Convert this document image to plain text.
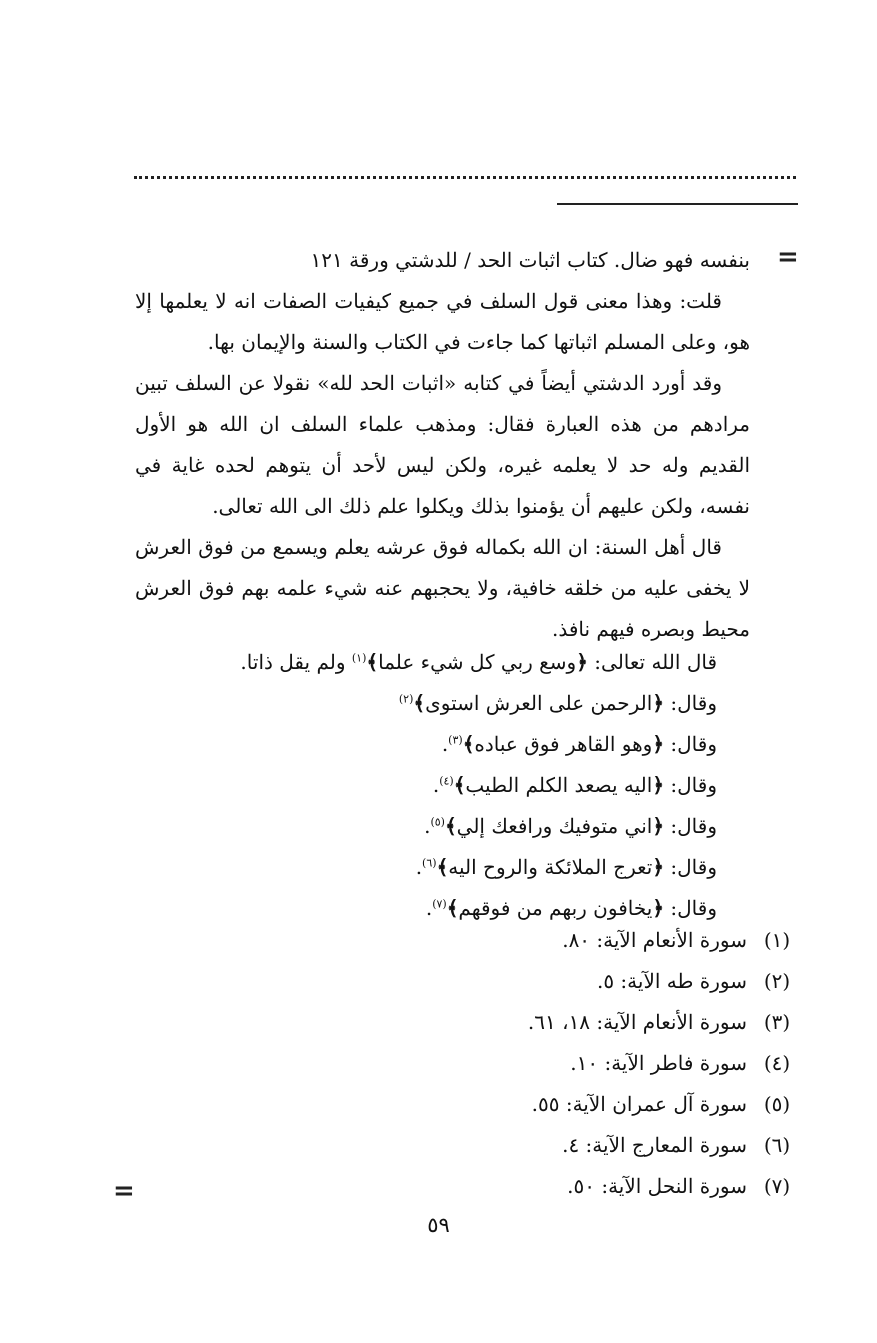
=

بنفسه فهو ضال. كتاب اثبات الحد / للدشتي ورقة ١٢١

قلت: وهذا معنى قول السلف في جميع كيفيات الصفات انه لا يعلمها إلا هو، وعلى المسلم اثباتها كما جاءت في الكتاب والسنة والإيمان بها.

وقد أورد الدشتي أيضاً في كتابه «اثبات الحد لله» نقولا عن السلف تبين مرادهم من هذه العبارة فقال: ومذهب علماء السلف ان الله هو الأول القديم وله حد لا يعلمه غيره، ولكن ليس لأحد أن يتوهم لحده غاية في نفسه، ولكن عليهم أن يؤمنوا بذلك ويكلوا علم ذلك الى الله تعالى.

قال أهل السنة: ان الله بكماله فوق عرشه يعلم ويسمع من فوق العرش لا يخفى عليه من خلقه خافية، ولا يحجبهم عنه شيء علمه بهم فوق العرش محيط وبصره فيهم نافذ.

قال الله تعالى: ﴿وسع ربي كل شيء علما﴾$^{(١)}$ ولم يقل ذاتا.

وقال: ﴿الرحمن على العرش استوى﴾$^{(٢)}$

وقال: ﴿وهو القاهر فوق عباده﴾$^{(٣)}$.

وقال: ﴿اليه يصعد الكلم الطيب﴾$^{(٤)}$.

وقال: ﴿اني متوفيك ورافعك إلي﴾$^{(٥)}$.

وقال: ﴿تعرج الملائكة والروح اليه﴾$^{(٦)}$.

وقال: ﴿يخافون ربهم من فوقهم﴾$^{(٧)}$.

(١)
سورة الأنعام الآية: ٨٠.
(٢)
سورة طه الآية: ٥.
(٣)
سورة الأنعام الآية: ١٨، ٦١.
(٤)
سورة فاطر الآية: ١٠.
(٥)
سورة آل عمران الآية: ٥٥.
(٦)
سورة المعارج الآية: ٤.
(٧)
سورة النحل الآية: ٥٠.
=
٥٩
